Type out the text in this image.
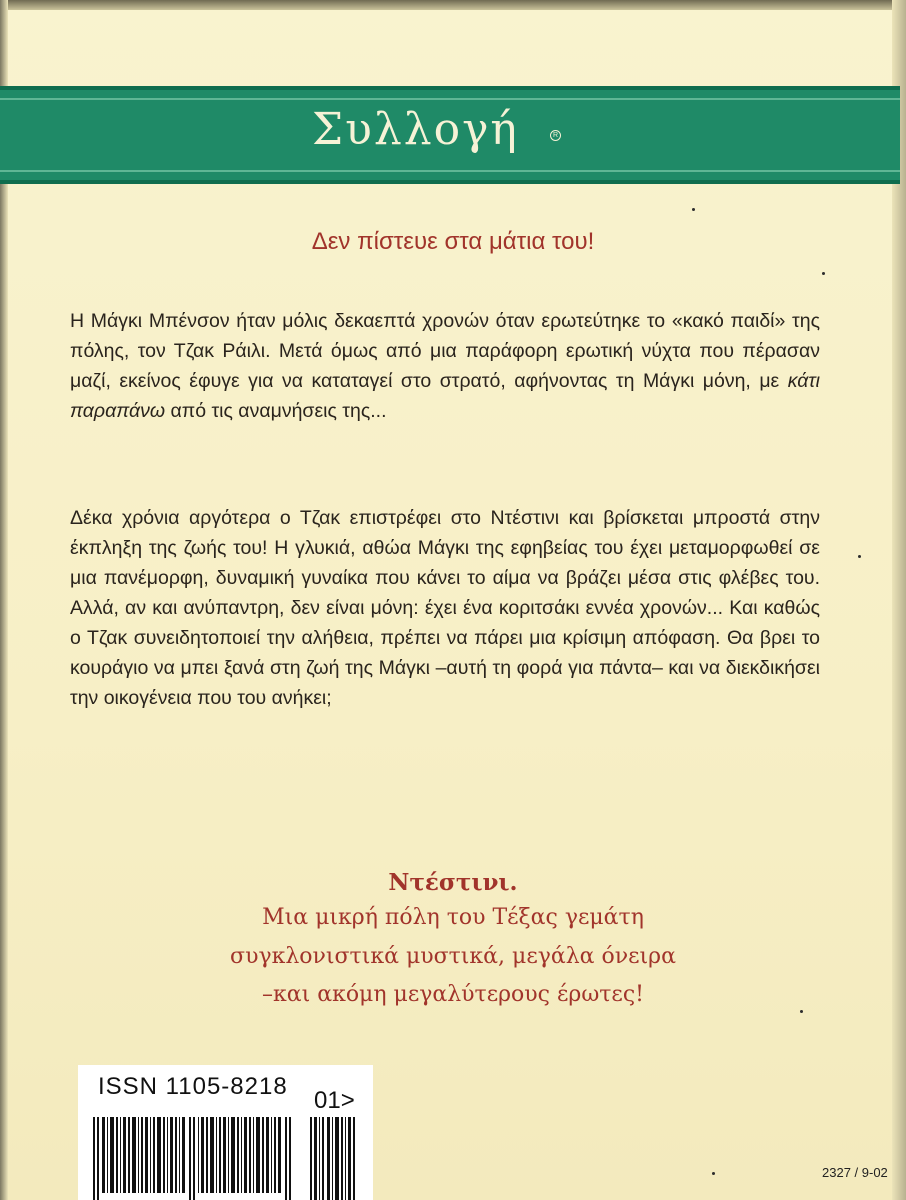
Συλλογή	R
Δεν πίστευε στα μάτια του!
Η Μάγκι Μπένσον ήταν μόλις δεκαεπτά χρονών όταν ερωτεύτηκε το «κακό παιδί» της πόλης, τον Τζακ Ράιλι. Μετά όμως από μια παράφορη ερωτική νύχτα που πέρασαν μαζί, εκείνος έφυγε για να καταταγεί στο στρατό, αφήνοντας τη Μάγκι μόνη, με κάτι παραπάνω από τις αναμνήσεις της...
Δέκα χρόνια αργότερα ο Τζακ επιστρέφει στο Ντέστινι και βρίσκεται μπροστά στην έκπληξη της ζωής του! Η γλυκιά, αθώα Μάγκι της εφηβείας του έχει μεταμορφωθεί σε μια πανέμορφη, δυναμική γυναίκα που κάνει το αίμα να βράζει μέσα στις φλέβες του. Αλλά, αν και ανύπαντρη, δεν είναι μόνη: έχει ένα κοριτσάκι εννέα χρονών... Και καθώς ο Τζακ συνειδητοποιεί την αλήθεια, πρέπει να πάρει μια κρίσιμη απόφαση. Θα βρει το κουράγιο να μπει ξανά στη ζωή της Μάγκι –αυτή τη φορά για πάντα– και να διεκδικήσει την οικογένεια που του ανήκει;
Ντέστινι.
Μια μικρή πόλη του Τέξας γεμάτη
συγκλονιστικά μυστικά, μεγάλα όνειρα
–και ακόμη μεγαλύτερους έρωτες!
ISSN 1105-8218
01>
2327 / 9-02
